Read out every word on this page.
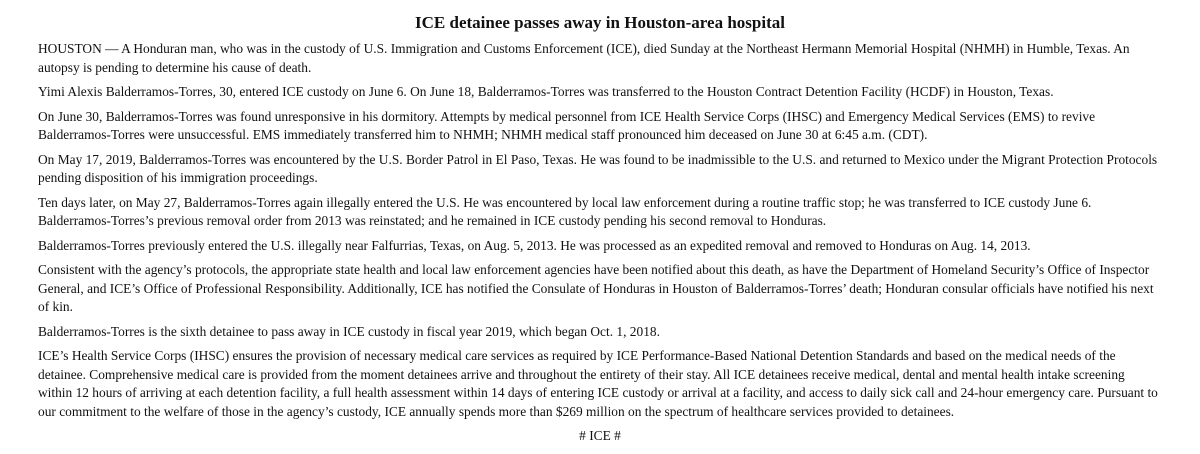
ICE detainee passes away in Houston-area hospital

HOUSTON — A Honduran man, who was in the custody of U.S. Immigration and Customs Enforcement (ICE), died Sunday at the Northeast Hermann Memorial Hospital (NHMH) in Humble, Texas. An autopsy is pending to determine his cause of death.

Yimi Alexis Balderramos-Torres, 30, entered ICE custody on June 6. On June 18, Balderramos-Torres was transferred to the Houston Contract Detention Facility (HCDF) in Houston, Texas.

On June 30, Balderramos-Torres was found unresponsive in his dormitory. Attempts by medical personnel from ICE Health Service Corps (IHSC) and Emergency Medical Services (EMS) to revive Balderramos-Torres were unsuccessful. EMS immediately transferred him to NHMH; NHMH medical staff pronounced him deceased on June 30 at 6:45 a.m. (CDT).

On May 17, 2019, Balderramos-Torres was encountered by the U.S. Border Patrol in El Paso, Texas. He was found to be inadmissible to the U.S. and returned to Mexico under the Migrant Protection Protocols pending disposition of his immigration proceedings.

Ten days later, on May 27, Balderramos-Torres again illegally entered the U.S. He was encountered by local law enforcement during a routine traffic stop; he was transferred to ICE custody June 6. Balderramos-Torres’s previous removal order from 2013 was reinstated; and he remained in ICE custody pending his second removal to Honduras.

Balderramos-Torres previously entered the U.S. illegally near Falfurrias, Texas, on Aug. 5, 2013. He was processed as an expedited removal and removed to Honduras on Aug. 14, 2013.

Consistent with the agency’s protocols, the appropriate state health and local law enforcement agencies have been notified about this death, as have the Department of Homeland Security’s Office of Inspector General, and ICE’s Office of Professional Responsibility. Additionally, ICE has notified the Consulate of Honduras in Houston of Balderramos-Torres’ death; Honduran consular officials have notified his next of kin.

Balderramos-Torres is the sixth detainee to pass away in ICE custody in fiscal year 2019, which began Oct. 1, 2018.

ICE’s Health Service Corps (IHSC) ensures the provision of necessary medical care services as required by ICE Performance-Based National Detention Standards and based on the medical needs of the detainee. Comprehensive medical care is provided from the moment detainees arrive and throughout the entirety of their stay. All ICE detainees receive medical, dental and mental health intake screening within 12 hours of arriving at each detention facility, a full health assessment within 14 days of entering ICE custody or arrival at a facility, and access to daily sick call and 24-hour emergency care. Pursuant to our commitment to the welfare of those in the agency’s custody, ICE annually spends more than $269 million on the spectrum of healthcare services provided to detainees.

# ICE #
